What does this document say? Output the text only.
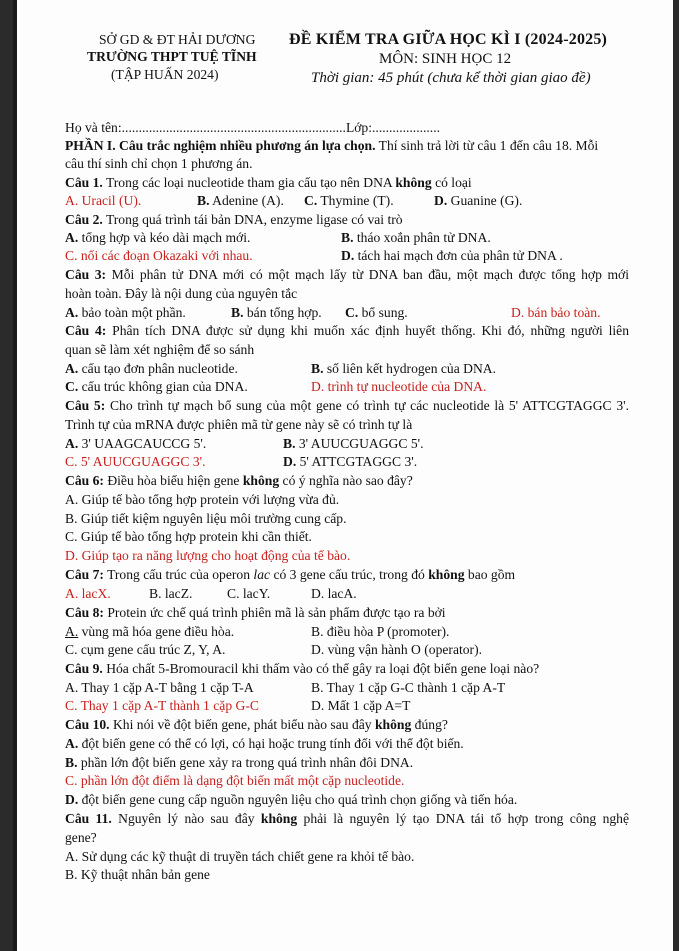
SỞ GD & ĐT HẢI DƯƠNG
TRƯỜNG THPT TUỆ TĨNH
(TẬP HUẤN 2024)
ĐỀ KIỂM TRA GIỮA HỌC KÌ I (2024-2025)
MÔN: SINH HỌC 12
Thời gian: 45 phút (chưa kể thời gian giao đề)
Họ và tên:..................................................................Lớp:....................
PHẦN I. Câu trắc nghiệm nhiều phương án lựa chọn. Thí sinh trả lời từ câu 1 đến câu 18. Mỗi
câu thí sinh chỉ chọn 1 phương án.
Câu 1. Trong các loại nucleotide tham gia cấu tạo nên DNA không có loại
A. Uracil (U).	B. Adenine (A). C. Thymine (T).	D. Guanine (G).
Câu 2. Trong quá trình tái bản DNA, enzyme ligase có vai trò
A. tổng hợp và kéo dài mạch mới.	B. tháo xoắn phân tử DNA.
C. nối các đoạn Okazaki với nhau.	D. tách hai mạch đơn của phân tử DNA .
Câu 3: Mỗi phân tử DNA mới có một mạch lấy từ DNA ban đầu, một mạch được tổng hợp mới
hoàn toàn. Đây là nội dung của nguyên tắc
A. bảo toàn một phần.	B. bán tổng hợp. C. bổ sung.	D. bán bảo toàn.
Câu 4: Phân tích DNA được sử dụng khi muốn xác định huyết thống. Khi đó, những người liên
quan sẽ làm xét nghiệm để so sánh
A. cấu tạo đơn phân nucleotide.	B. số liên kết hydrogen của DNA.
C. cấu trúc không gian của DNA.	D. trình tự nucleotide của DNA.
Câu 5: Cho trình tự mạch bổ sung của một gene có trình tự các nucleotide là 5' ATTCGTAGGC 3'.
Trình tự của mRNA được phiên mã từ gene này sẽ có trình tự là
A. 3' UAAGCAUCCG 5'.	B. 3' AUUCGUAGGC 5'.
C. 5' AUUCGUAGGC 3'.	D. 5' ATTCGTAGGC 3'.
Câu 6: Điều hòa biểu hiện gene không có ý nghĩa nào sao đây?
A. Giúp tế bào tổng hợp protein với lượng vừa đủ.
B. Giúp tiết kiệm nguyên liệu môi trường cung cấp.
C. Giúp tế bào tổng hợp protein khi cần thiết.
D. Giúp tạo ra năng lượng cho hoạt động của tế bào.
Câu 7: Trong cấu trúc của operon lac có 3 gene cấu trúc, trong đó không bao gồm
A. lacX.	B. lacZ.	C. lacY.	D. lacA.
Câu 8: Protein ức chế quá trình phiên mã là sản phẩm được tạo ra bởi
A. vùng mã hóa gene điều hòa.	B. điều hòa P (promoter).
C. cụm gene cấu trúc Z, Y, A.	D. vùng vận hành O (operator).
Câu 9. Hóa chất 5-Bromouracil khi thấm vào có thể gây ra loại đột biến gene loại nào?
A. Thay 1 cặp A-T bằng 1 cặp T-A	B. Thay 1 cặp G-C thành 1 cặp A-T
C. Thay 1 cặp A-T thành 1 cặp G-C	D. Mất 1 cặp A=T
Câu 10. Khi nói về đột biến gene, phát biểu nào sau đây không đúng?
A. đột biến gene có thể có lợi, có hại hoặc trung tính đối với thể đột biến.
B. phần lớn đột biến gene xảy ra trong quá trình nhân đôi DNA.
C. phần lớn đột điểm là dạng đột biến mất một cặp nucleotide.
D. đột biến gene cung cấp nguồn nguyên liệu cho quá trình chọn giống và tiến hóa.
Câu 11. Nguyên lý nào sau đây không phải là nguyên lý tạo DNA tái tổ hợp trong công nghệ
gene?
A. Sử dụng các kỹ thuật di truyền tách chiết gene ra khỏi tế bào.
B. Kỹ thuật nhân bản gene
